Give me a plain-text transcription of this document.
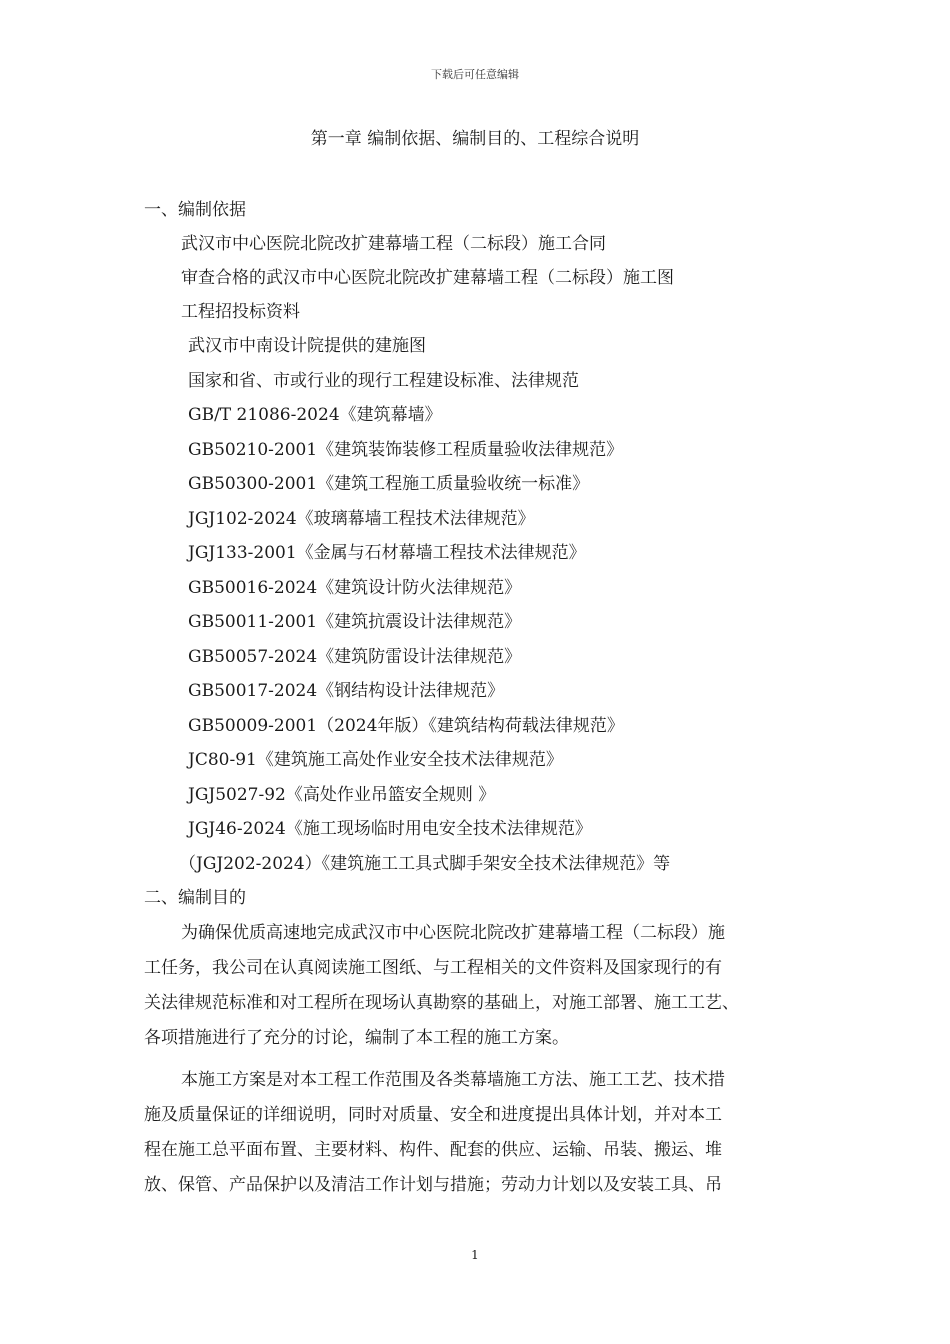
下载后可任意编辑
第一章 编制依据、编制目的、工程综合说明

一、编制依据

武汉市中心医院北院改扩建幕墙工程（二标段）施工合同

审查合格的武汉市中心医院北院改扩建幕墙工程（二标段）施工图

工程招投标资料

武汉市中南设计院提供的建施图

国家和省、市或行业的现行工程建设标准、法律规范

GB/T 21086-2024《建筑幕墙》

GB50210-2001《建筑装饰装修工程质量验收法律规范》

GB50300-2001《建筑工程施工质量验收统一标准》

JGJ102-2024《玻璃幕墙工程技术法律规范》

JGJ133-2001《金属与石材幕墙工程技术法律规范》

GB50016-2024《建筑设计防火法律规范》

GB50011-2001《建筑抗震设计法律规范》

GB50057-2024《建筑防雷设计法律规范》

GB50017-2024《钢结构设计法律规范》

GB50009-2001（2024年版）《建筑结构荷载法律规范》

JC80-91《建筑施工高处作业安全技术法律规范》

JGJ5027-92《高处作业吊篮安全规则 》

JGJ46-2024《施工现场临时用电安全技术法律规范》

（JGJ202-2024）《建筑施工工具式脚手架安全技术法律规范》等

二、编制目的

为确保优质高速地完成武汉市中心医院北院改扩建幕墙工程（二标段）施

工任务，我公司在认真阅读施工图纸、与工程相关的文件资料及国家现行的有

关法律规范标准和对工程所在现场认真勘察的基础上，对施工部署、施工工艺、

各项措施进行了充分的讨论，编制了本工程的施工方案。

本施工方案是对本工程工作范围及各类幕墙施工方法、施工工艺、技术措

施及质量保证的详细说明，同时对质量、安全和进度提出具体计划，并对本工

程在施工总平面布置、主要材料、构件、配套的供应、运输、吊装、搬运、堆

放、保管、产品保护以及清洁工作计划与措施；劳动力计划以及安装工具、吊

1
